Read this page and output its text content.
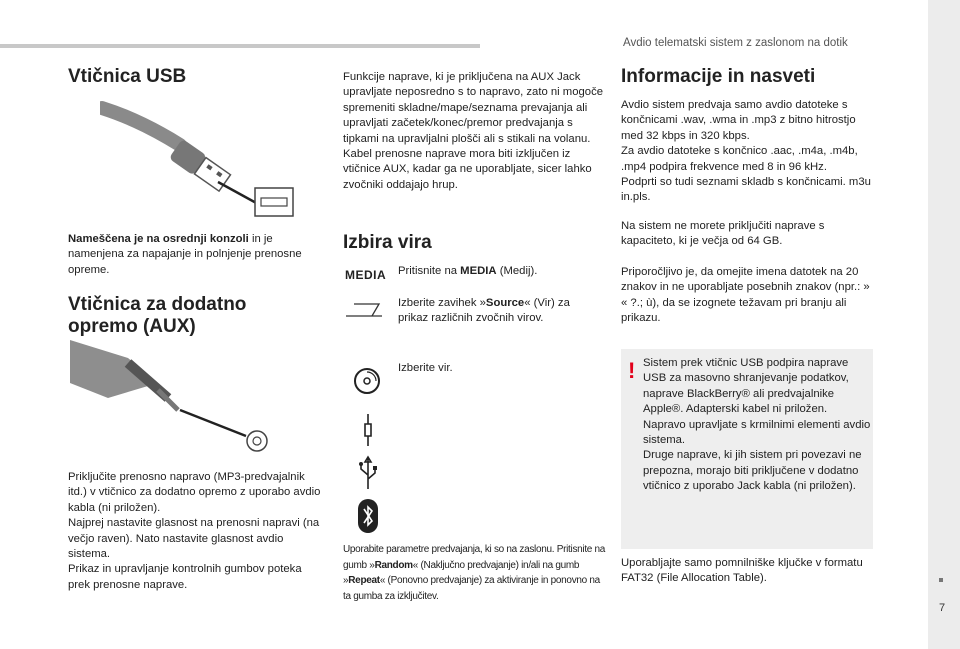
Avdio telematski sistem z zaslonom na dotik
7
Vtičnica USB
Nameščena je na osrednji konzoli in je namenjena za napajanje in polnjenje prenosne opreme.
Vtičnica za dodatno opremo (AUX)
Priključite prenosno napravo (MP3-predvajalnik itd.) v vtičnico za dodatno opremo z uporabo avdio kabla (ni priložen).
Najprej nastavite glasnost na prenosni napravi (na večjo raven). Nato nastavite glasnost avdio sistema.
Prikaz in upravljanje kontrolnih gumbov poteka prek prenosne naprave.
Funkcije naprave, ki je priključena na AUX Jack upravljate neposredno s to napravo, zato ni mogoče spremeniti skladne/mape/seznama prevajanja ali upravljati začetek/konec/premor predvajanja s tipkami na upravljalni plošči ali s stikali na volanu.
Kabel prenosne naprave mora biti izključen iz vtičnice AUX, kadar ga ne uporabljate, sicer lahko zvočniki oddajajo hrup.
Izbira vira
MEDIA Pritisnite na MEDIA (Medij).
Izberite zavihek »Source« (Vir) za prikaz različnih zvočnih virov.
Izberite vir.
Uporabite parametre predvajanja, ki so na zaslonu. Pritisnite na gumb »Random« (Naključno predvajanje) in/ali na gumb »Repeat« (Ponovno predvajanje) za aktiviranje in ponovno na ta gumba za izključitev.
Informacije in nasveti
Avdio sistem predvaja samo avdio datoteke s končnicami .wav, .wma in .mp3 z bitno hitrostjo med 32 kbps in 320 kbps.
Za avdio datoteke s končnico .aac, .m4a, .m4b, .mp4 podpira frekvence med 8 in 96 kHz.
Podprti so tudi seznami skladb s končnicami. m3u in.pls.
Na sistem ne morete priključiti naprave s kapaciteto, ki je večja od 64 GB.
Priporočljivo je, da omejite imena datotek na 20 znakov in ne uporabljate posebnih znakov (npr.: » « ?.; ù), da se izognete težavam pri branju ali prikazu.
! Sistem prek vtičnic USB podpira naprave USB za masovno shranjevanje podatkov, naprave BlackBerry® ali predvajalnike Apple®. Adapterski kabel ni priložen. Napravo upravljate s krmilnimi elementi avdio sistema.
Druge naprave, ki jih sistem pri povezavi ne prepozna, morajo biti priključene v dodatno vtičnico z uporabo Jack kabla (ni priložen).
Uporabljajte samo pomnilniške ključke v formatu FAT32 (File Allocation Table).
